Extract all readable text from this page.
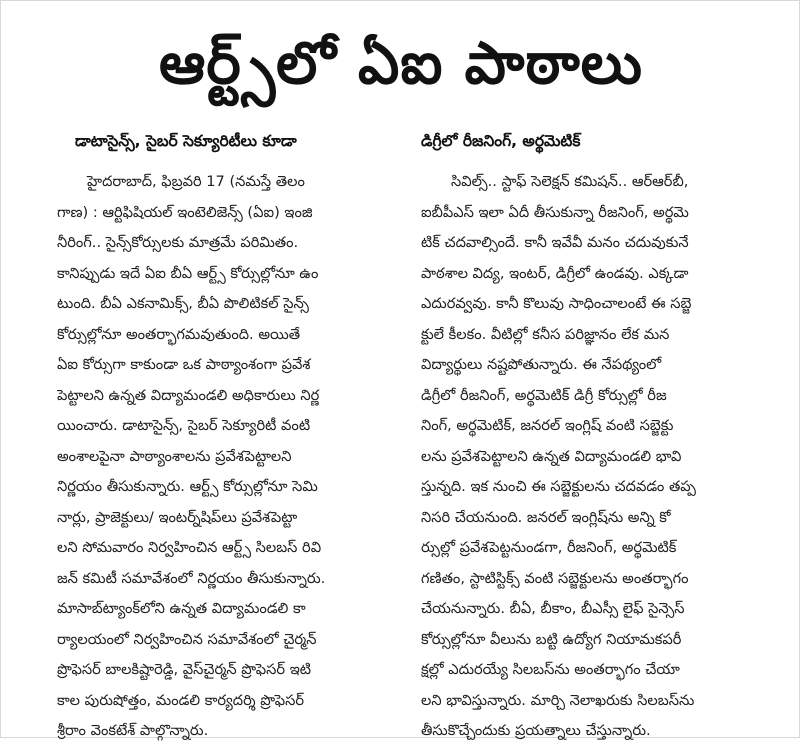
ఆర్ట్స్‌లో ఏఐ పాఠాలు
డాటాసైన్స్‌, సైబర్‌ సెక్యూరిటీలు కూడా
హైదరాబాద్‌, ఫిబ్రవరి 17 (నమస్తే తెలం
గాణ) : ఆర్టిఫిషియల్‌ ఇంటెలిజెన్స్‌ (ఏఐ) ఇంజి
నీరింగ్‌.. సైన్స్‌కోర్సులకు మాత్రమే పరిమితం.
కానిప్పుడు ఇదే ఏఐ బీఏ ఆర్ట్స్‌ కోర్సుల్లోనూ ఉం
టుంది. బీఏ ఎకనామిక్స్‌, బీఏ పొలిటికల్‌ సైన్స్‌
కోర్సుల్లోనూ అంతర్భాగమవుతుంది. అయితే
ఏఐ కోర్సుగా కాకుండా ఒక పాఠ్యాంశంగా ప్రవేశ
పెట్టాలని ఉన్నత విద్యామండలి అధికారులు నిర్ణ
యించారు. డాటాసైన్స్‌, సైబర్‌ సెక్యూరిటీ వంటి
అంశాలపైనా పాఠ్యాంశాలను ప్రవేశపెట్టాలని
నిర్ణయం తీసుకున్నారు. ఆర్ట్స్‌ కోర్సుల్లోనూ సెమి
నార్లు, ప్రాజెక్టులు/ ఇంటర్న్‌షిప్‌లు ప్రవేశపెట్టా
లని సోమవారం నిర్వహించిన ఆర్ట్స్‌ సిలబస్‌ రివి
జన్‌ కమిటీ సమావేశంలో నిర్ణయం తీసుకున్నారు.
మాసాబ్‌ట్యాంక్‌లోని ఉన్నత విద్యామండలి కా
ర్యాలయంలో నిర్వహించిన సమావేశంలో చైర్మన్‌
ప్రొఫెసర్‌ బాలకిష్టారెడ్డి, వైస్‌చైర్మన్‌ ప్రొఫెసర్‌ ఇటి
కాల పురుషోత్తం, మండలి కార్యదర్శి ప్రొఫెసర్‌
శ్రీరాం వెంకటేశ్‌ పాల్గొన్నారు.
డిగ్రీలో రీజనింగ్‌, అర్థమెటిక్‌
సివిల్స్‌.. స్టాఫ్‌ సెలెక్షన్‌ కమిషన్‌.. ఆర్‌ఆర్‌బీ,
ఐబీపీఎస్‌ ఇలా ఏదీ తీసుకున్నా రీజనింగ్‌, అర్థమె
టిక్‌ చదవాల్సిందే. కానీ ఇవేవీ మనం చదువుకునే
పాఠశాల విద్య, ఇంటర్‌, డిగ్రీలో ఉండవు. ఎక్కడా
ఎదురవ్వవు. కానీ కొలువు సాధించాలంటే ఈ సబ్జె
క్టులే కీలకం. వీటిల్లో కనీస పరిజ్ఞానం లేక మన
విద్యార్థులు నష్టపోతున్నారు. ఈ నేపథ్యంలో
డిగ్రీలో రీజనింగ్‌, అర్థమెటిక్‌ డిగ్రీ కోర్సుల్లో రీజ
నింగ్‌, అర్థమెటిక్‌, జనరల్‌ ఇంగ్లిష్‌ వంటి సబ్జెక్టు
లను ప్రవేశపెట్టాలని ఉన్నత విద్యామండలి భావి
స్తున్నది. ఇక నుంచి ఈ సబ్జెక్టులను చదవడం తప్ప
నిసరి చేయనుంది. జనరల్‌ ఇంగ్లిష్‌ను అన్ని కో
ర్సుల్లో ప్రవేశపెట్టనుండగా, రీజనింగ్‌, అర్థమెటిక్‌
గణితం, స్టాటిస్టిక్స్‌ వంటి సబ్జెక్టులను అంతర్భాగం
చేయనున్నారు. బీఏ, బీకాం, బీఎస్సీ లైఫ్‌ సైన్సెస్‌
కోర్సుల్లోనూ వీలును బట్టి ఉద్యోగ నియామకపరీ
క్షల్లో ఎదురయ్యే సిలబస్‌ను అంతర్భాగం చేయా
లని భావిస్తున్నారు. మార్చి నెలాఖరుకు సిలబస్‌ను
తీసుకొచ్చేందుకు ప్రయత్నాలు చేస్తున్నారు.
